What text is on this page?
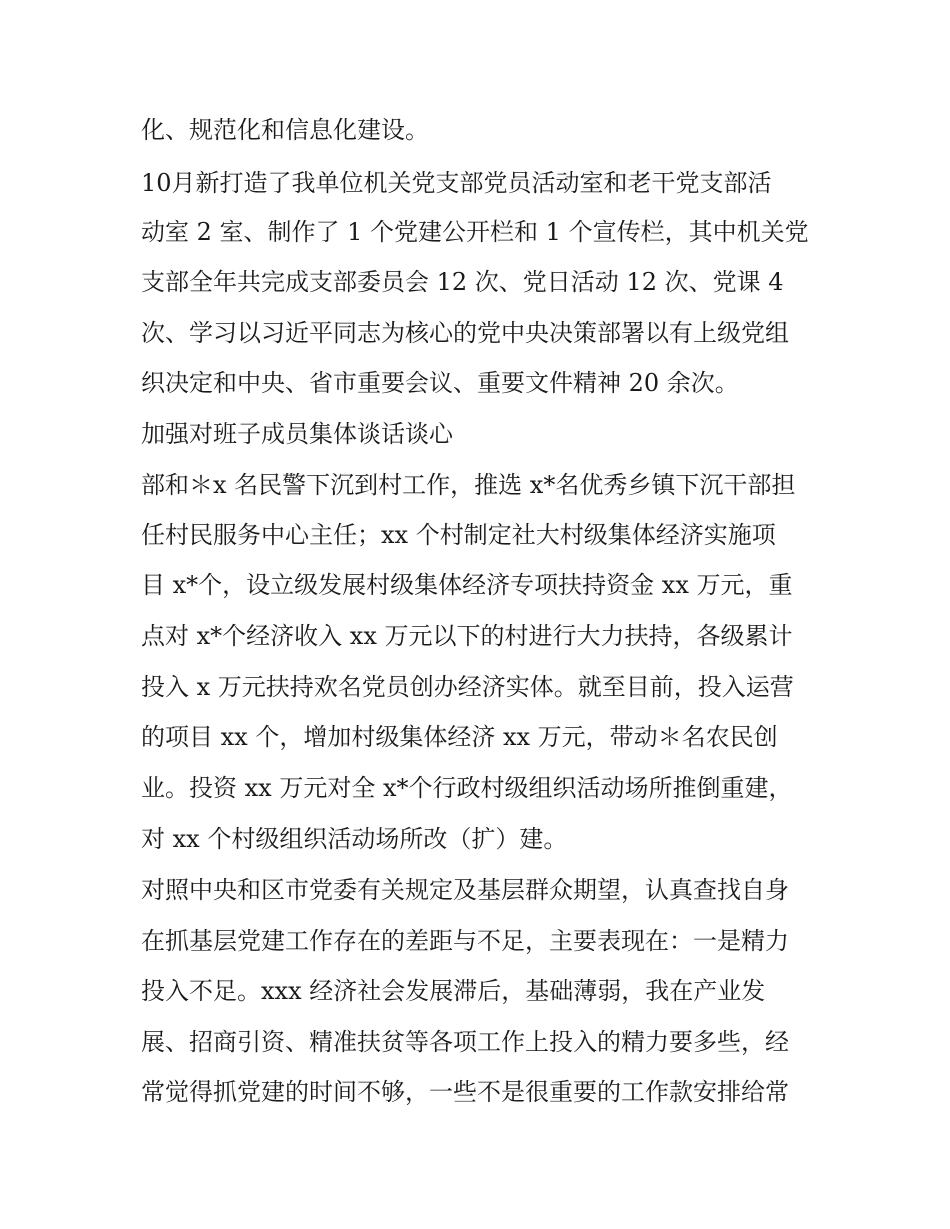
化、规范化和信息化建设。
10月新打造了我单位机关党支部党员活动室和老干党支部活
动室 2 室、制作了 1 个党建公开栏和 1 个宣传栏，其中机关党
支部全年共完成支部委员会 12 次、党日活动 12 次、党课 4
次、学习以习近平同志为核心的党中央决策部署以有上级党组
织决定和中央、省市重要会议、重要文件精神 20 余次。
加强对班子成员集体谈话谈心
部和＊x 名民警下沉到村工作，推选 x*名优秀乡镇下沉干部担
任村民服务中心主任；xx 个村制定社大村级集体经济实施项
目 x*个，设立级发展村级集体经济专项扶持资金 xx 万元，重
点对 x*个经济收入 xx 万元以下的村进行大力扶持，各级累计
投入 x 万元扶持欢名党员创办经济实体。就至目前，投入运营
的项目 xx 个，增加村级集体经济 xx 万元，带动＊名农民创
业。投资 xx 万元对全 x*个行政村级组织活动场所推倒重建，
对 xx 个村级组织活动场所改（扩）建。
对照中央和区市党委有关规定及基层群众期望，认真查找自身
在抓基层党建工作存在的差距与不足，主要表现在：一是精力
投入不足。xxx 经济社会发展滞后，基础薄弱，我在产业发
展、招商引资、精准扶贫等各项工作上投入的精力要多些，经
常觉得抓党建的时间不够，一些不是很重要的工作款安排给常
